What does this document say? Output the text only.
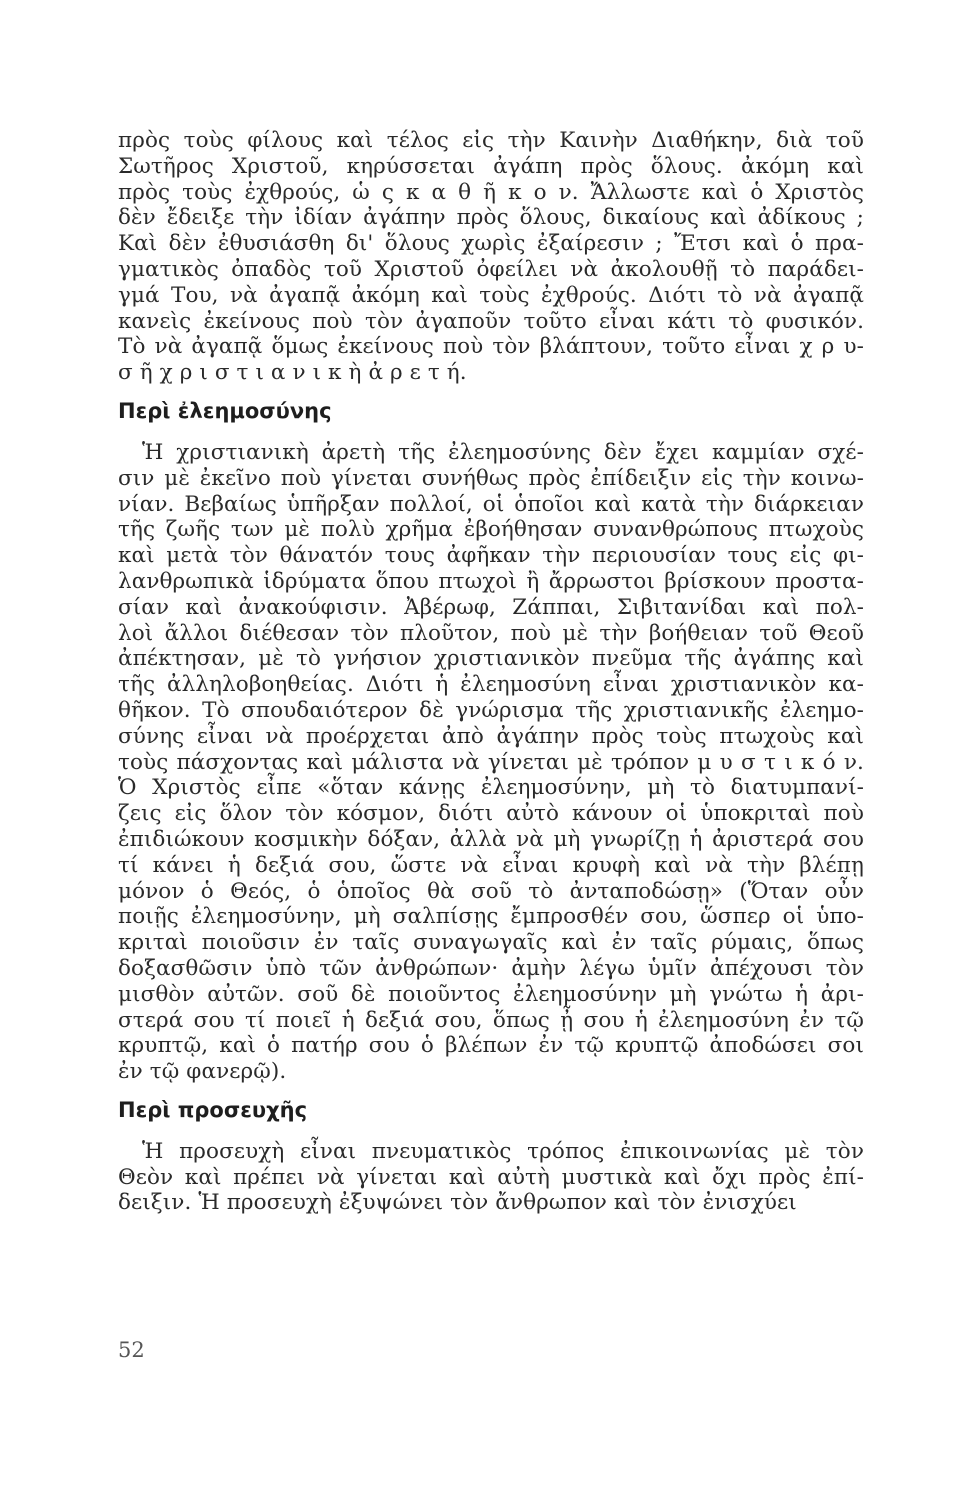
πρὸς τοὺς φίλους καὶ τέλος εἰς τὴν Καινὴν Διαθήκην, διὰ τοῦ
Σωτῆρος Χριστοῦ, κηρύσσεται ἀγάπη πρὸς ὅλους. ἀκόμη καὶ
πρὸς τοὺς ἐχθρούς, ὡ ς κ α θ ῆ κ ο ν. Ἄλλωστε καὶ ὁ Χριστὸς
δὲν ἔδειξε τὴν ἰδίαν ἀγάπην πρὸς ὅλους, δικαίους καὶ ἀδίκους ;
Καὶ δὲν ἐθυσιάσθη δι' ὅλους χωρὶς ἐξαίρεσιν ; Ἔτσι καὶ ὁ πρα-
γματικὸς ὀπαδὸς τοῦ Χριστοῦ ὀφείλει νὰ ἀκολουθῇ τὸ παράδει-
γμά Του, νὰ ἀγαπᾷ ἀκόμη καὶ τοὺς ἐχθρούς. Διότι τὸ νὰ ἀγαπᾷ
κανεὶς ἐκείνους ποὺ τὸν ἀγαποῦν τοῦτο εἶναι κάτι τὸ φυσικόν.
Τὸ νὰ ἀγαπᾷ ὅμως ἐκείνους ποὺ τὸν βλάπτουν, τοῦτο εἶναι χ ρ υ-
σ ῆ χ ρ ι σ τ ι α ν ι κ ὴ ἀ ρ ε τ ή.
Περὶ ἐλεημοσύνης
Ἡ χριστιανικὴ ἀρετὴ τῆς ἐλεημοσύνης δὲν ἔχει καμμίαν σχέ-
σιν μὲ ἐκεῖνο ποὺ γίνεται συνήθως πρὸς ἐπίδειξιν εἰς τὴν κοινω-
νίαν. Βεβαίως ὑπῆρξαν πολλοί, οἱ ὁποῖοι καὶ κατὰ τὴν διάρκειαν
τῆς ζωῆς των μὲ πολὺ χρῆμα ἐβοήθησαν συνανθρώπους πτωχοὺς
καὶ μετὰ τὸν θάνατόν τους ἀφῆκαν τὴν περιουσίαν τους εἰς φι-
λανθρωπικὰ ἱδρύματα ὅπου πτωχοὶ ἢ ἄρρωστοι βρίσκουν προστα-
σίαν καὶ ἀνακούφισιν. Ἀβέρωφ, Ζάππαι, Σιβιτανίδαι καὶ πολ-
λοὶ ἄλλοι διέθεσαν τὸν πλοῦτον, ποὺ μὲ τὴν βοήθειαν τοῦ Θεοῦ
ἀπέκτησαν, μὲ τὸ γνήσιον χριστιανικὸν πνεῦμα τῆς ἀγάπης καὶ
τῆς ἀλληλοβοηθείας. Διότι ἡ ἐλεημοσύνη εἶναι χριστιανικὸν κα-
θῆκον. Τὸ σπουδαιότερον δὲ γνώρισμα τῆς χριστιανικῆς ἐλεημο-
σύνης εἶναι νὰ προέρχεται ἀπὸ ἀγάπην πρὸς τοὺς πτωχοὺς καὶ
τοὺς πάσχοντας καὶ μάλιστα νὰ γίνεται μὲ τρόπον μ υ σ τ ι κ ό ν.
Ὁ Χριστὸς εἶπε «ὅταν κάνῃς ἐλεημοσύνην, μὴ τὸ διατυμπανί-
ζεις εἰς ὅλον τὸν κόσμον, διότι αὐτὸ κάνουν οἱ ὑποκριταὶ ποὺ
ἐπιδιώκουν κοσμικὴν δόξαν, ἀλλὰ νὰ μὴ γνωρίζῃ ἡ ἀριστερά σου
τί κάνει ἡ δεξιά σου, ὥστε νὰ εἶναι κρυφὴ καὶ νὰ τὴν βλέπῃ
μόνον ὁ Θεός, ὁ ὁποῖος θὰ σοῦ τὸ ἀνταποδώσῃ» (Ὅταν οὖν
ποιῇς ἐλεημοσύνην, μὴ σαλπίσῃς ἔμπροσθέν σου, ὥσπερ οἱ ὑπο-
κριταὶ ποιοῦσιν ἐν ταῖς συναγωγαῖς καὶ ἐν ταῖς ρύμαις, ὅπως
δοξασθῶσιν ὑπὸ τῶν ἀνθρώπων· ἀμὴν λέγω ὑμῖν ἀπέχουσι τὸν
μισθὸν αὐτῶν. σοῦ δὲ ποιοῦντος ἐλεημοσύνην μὴ γνώτω ἡ ἀρι-
στερά σου τί ποιεῖ ἡ δεξιά σου, ὅπως ᾖ σου ἡ ἐλεημοσύνη ἐν τῷ
κρυπτῷ, καὶ ὁ πατήρ σου ὁ βλέπων ἐν τῷ κρυπτῷ ἀποδώσει σοι
ἐν τῷ φανερῷ).
Περὶ προσευχῆς
Ἡ προσευχὴ εἶναι πνευματικὸς τρόπος ἐπικοινωνίας μὲ τὸν
Θεὸν καὶ πρέπει νὰ γίνεται καὶ αὐτὴ μυστικὰ καὶ ὄχι πρὸς ἐπί-
δειξιν. Ἡ προσευχὴ ἐξυψώνει τὸν ἄνθρωπον καὶ τὸν ἐνισχύει
52
